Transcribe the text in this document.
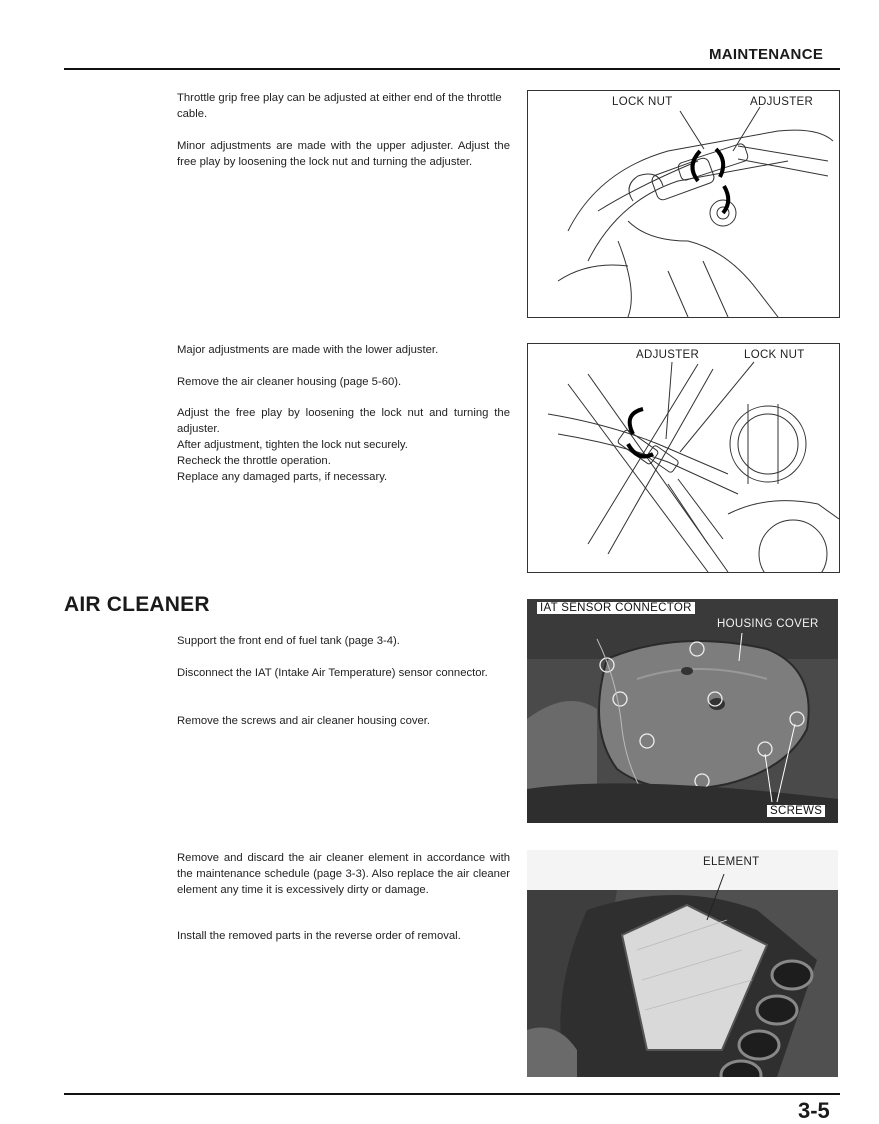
MAINTENANCE

Throttle grip free play can be adjusted at either end of the throttle cable.

Minor adjustments are made with the upper adjuster. Adjust the free play by loosening the lock nut and turning the adjuster.

Major adjustments are made with the lower adjuster.

Remove the air cleaner housing (page 5-60).

Adjust the free play by loosening the lock nut and turning the adjuster.
After adjustment, tighten the lock nut securely.
Recheck the throttle operation.
Replace any damaged parts, if necessary.
LOCK NUT	ADJUSTER
ADJUSTER	LOCK NUT
AIR CLEANER

Support the front end of fuel tank (page 3-4).

Disconnect the IAT (Intake Air Temperature) sensor connector.

Remove the screws and air cleaner housing cover.

Remove and discard the air cleaner element in accordance with the maintenance schedule (page 3-3). Also replace the air cleaner element any time it is excessively dirty or damage.

Install the removed parts in the reverse order of removal.

IAT SENSOR CONNECTOR
HOUSING COVER
SCREWS
ELEMENT
3-5
